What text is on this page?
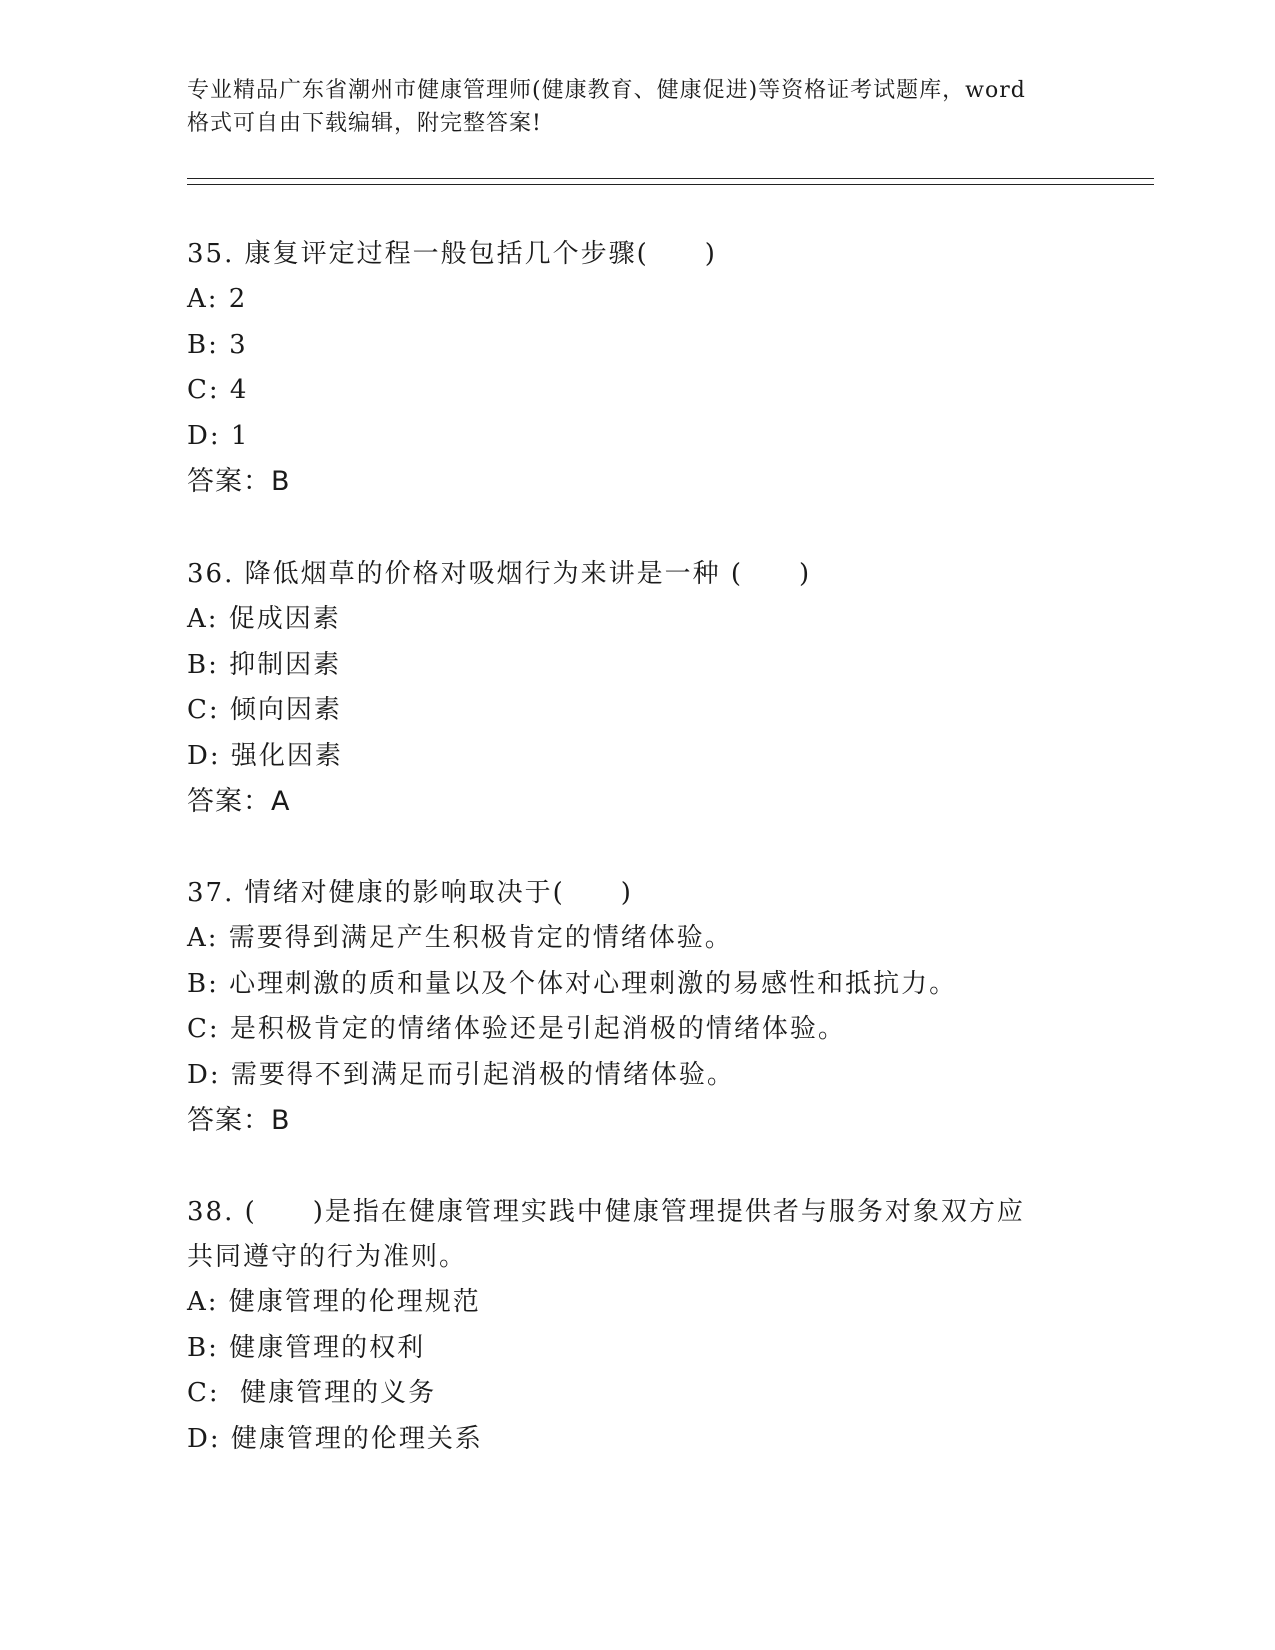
专业精品广东省潮州市健康管理师(健康教育、健康促进)等资格证考试题库，word
格式可自由下载编辑，附完整答案!
35. 康复评定过程一般包括几个步骤(　　)
A: 2
B: 3
C: 4
D: 1
答案：B
36. 降低烟草的价格对吸烟行为来讲是一种 (　　)
A: 促成因素
B: 抑制因素
C: 倾向因素
D: 强化因素
答案：A
37. 情绪对健康的影响取决于(　　)
A: 需要得到满足产生积极肯定的情绪体验。
B: 心理刺激的质和量以及个体对心理刺激的易感性和抵抗力。
C: 是积极肯定的情绪体验还是引起消极的情绪体验。
D: 需要得不到满足而引起消极的情绪体验。
答案：B
38. (　　)是指在健康管理实践中健康管理提供者与服务对象双方应
共同遵守的行为准则。
A: 健康管理的伦理规范
B: 健康管理的权利
C:  健康管理的义务
D: 健康管理的伦理关系
